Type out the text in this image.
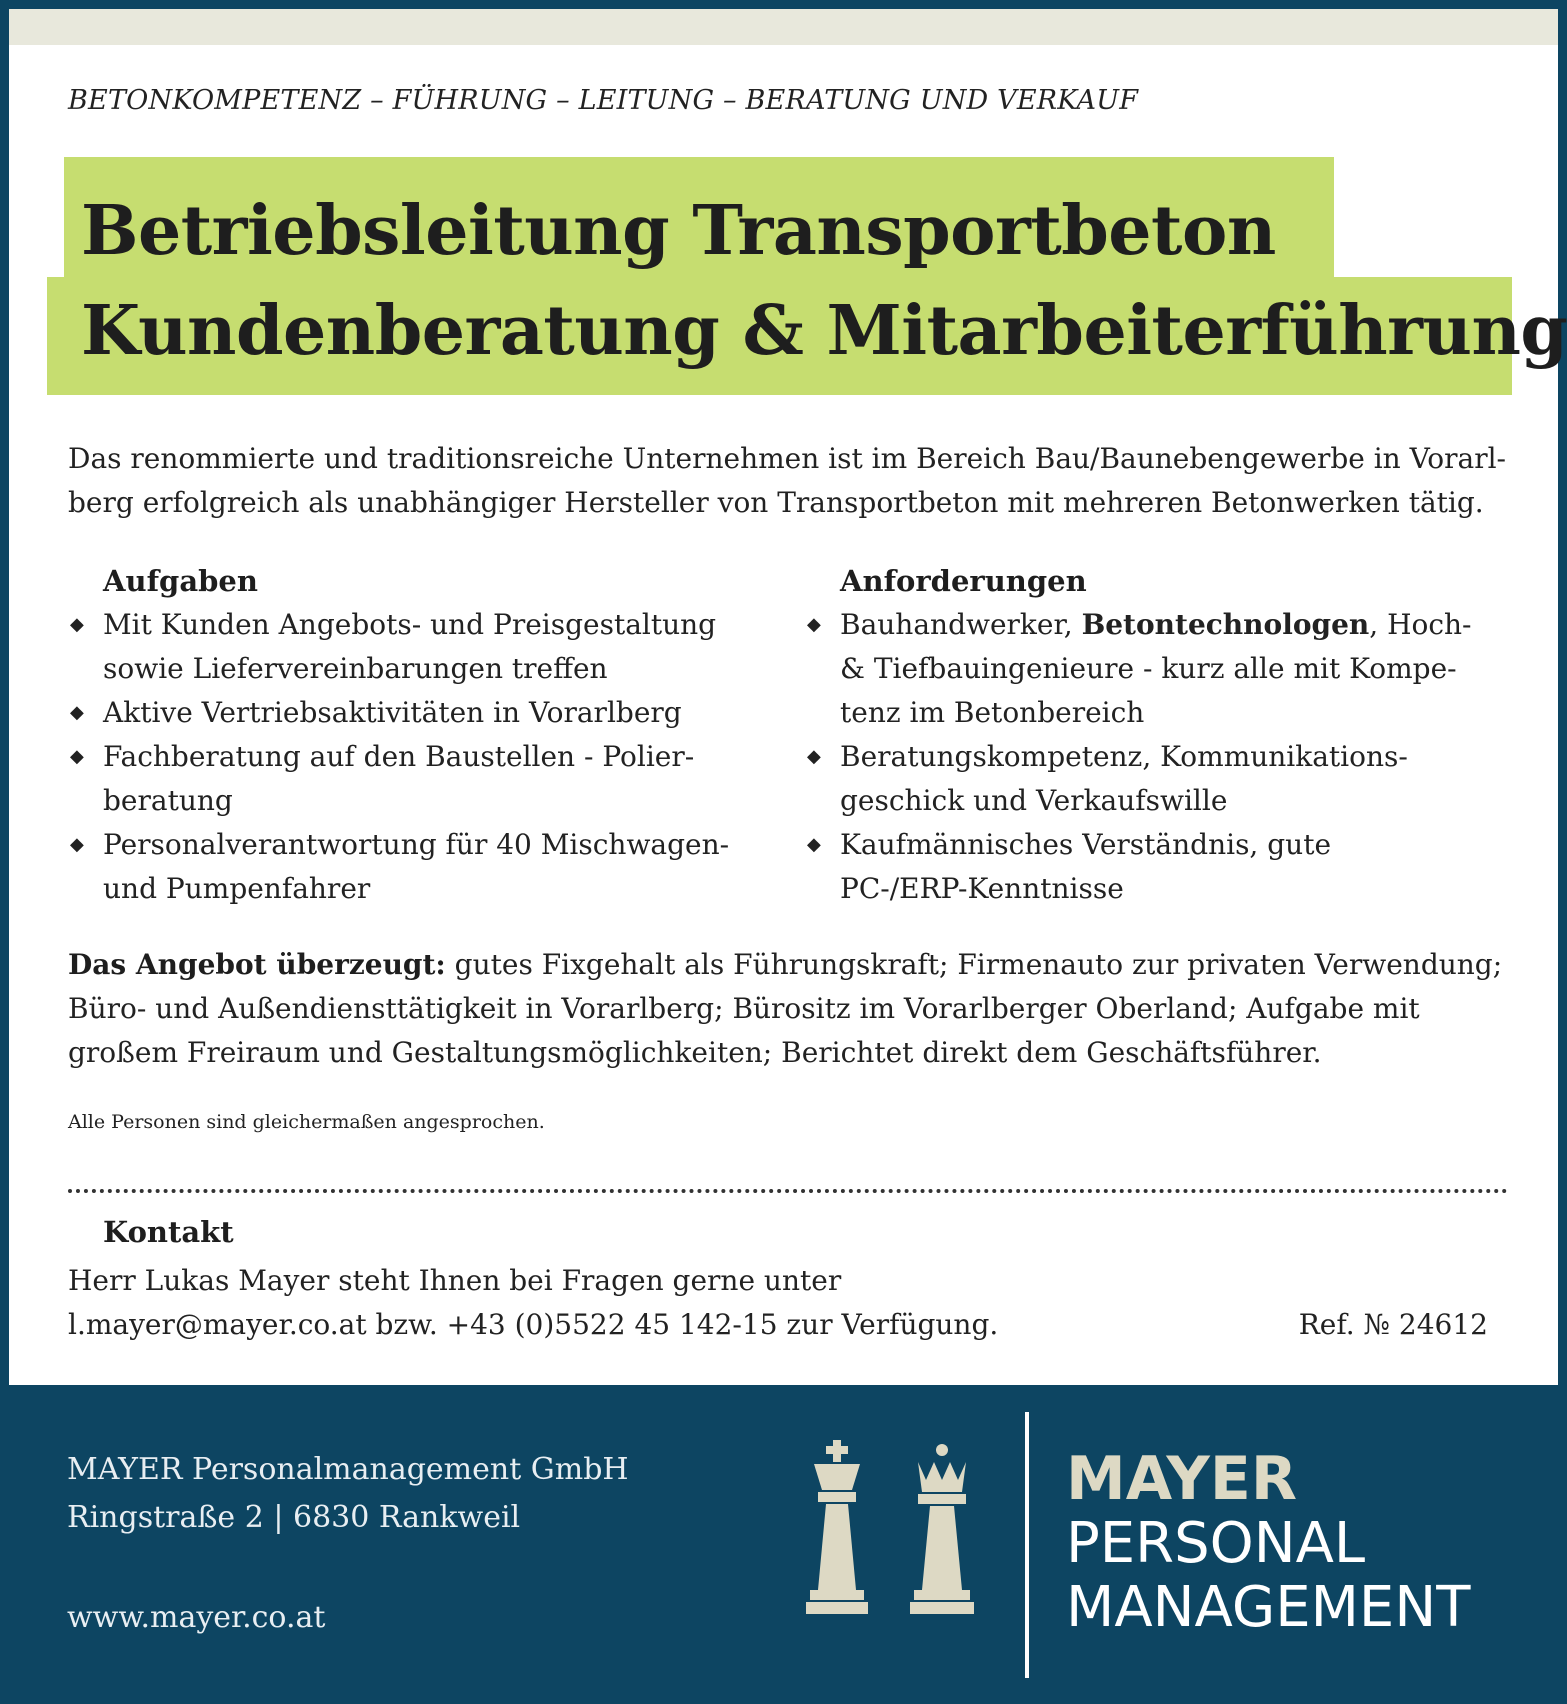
BETONKOMPETENZ – FÜHRUNG – LEITUNG – BERATUNG UND VERKAUF
Betriebsleitung Transportbeton
Kundenberatung & Mitarbeiterführung
Das renommierte und traditionsreiche Unternehmen ist im Bereich Bau/Baunebengewerbe in Vorarl-
berg erfolgreich als unabhängiger Hersteller von Transportbeton mit mehreren Betonwerken tätig.
Aufgaben
◆ Mit Kunden Angebots- und Preisgestaltung
sowie Liefervereinbarungen treffen
◆ Aktive Vertriebsaktivitäten in Vorarlberg
◆ Fachberatung auf den Baustellen - Polier-
beratung
◆ Personalverantwortung für 40 Mischwagen-
und Pumpenfahrer
Anforderungen
◆ Bauhandwerker, Betontechnologen, Hoch-
& Tiefbauingenieure - kurz alle mit Kompe-
tenz im Betonbereich
◆ Beratungskompetenz, Kommunikations-
geschick und Verkaufswille
◆ Kaufmännisches Verständnis, gute
PC-/ERP-Kenntnisse
Das Angebot überzeugt: gutes Fixgehalt als Führungskraft; Firmenauto zur privaten Verwendung;
Büro- und Außendiensttätigkeit in Vorarlberg; Bürositz im Vorarlberger Oberland; Aufgabe mit
großem Freiraum und Gestaltungsmöglichkeiten; Berichtet direkt dem Geschäftsführer.
Alle Personen sind gleichermaßen angesprochen.
Kontakt
Herr Lukas Mayer steht Ihnen bei Fragen gerne unter
l.mayer@mayer.co.at bzw. +43 (0)5522 45 142-15 zur Verfügung.	Ref. № 24612
MAYER Personalmanagement GmbH
Ringstraße 2 | 6830 Rankweil
www.mayer.co.at
MAYER
PERSONAL
MANAGEMENT
